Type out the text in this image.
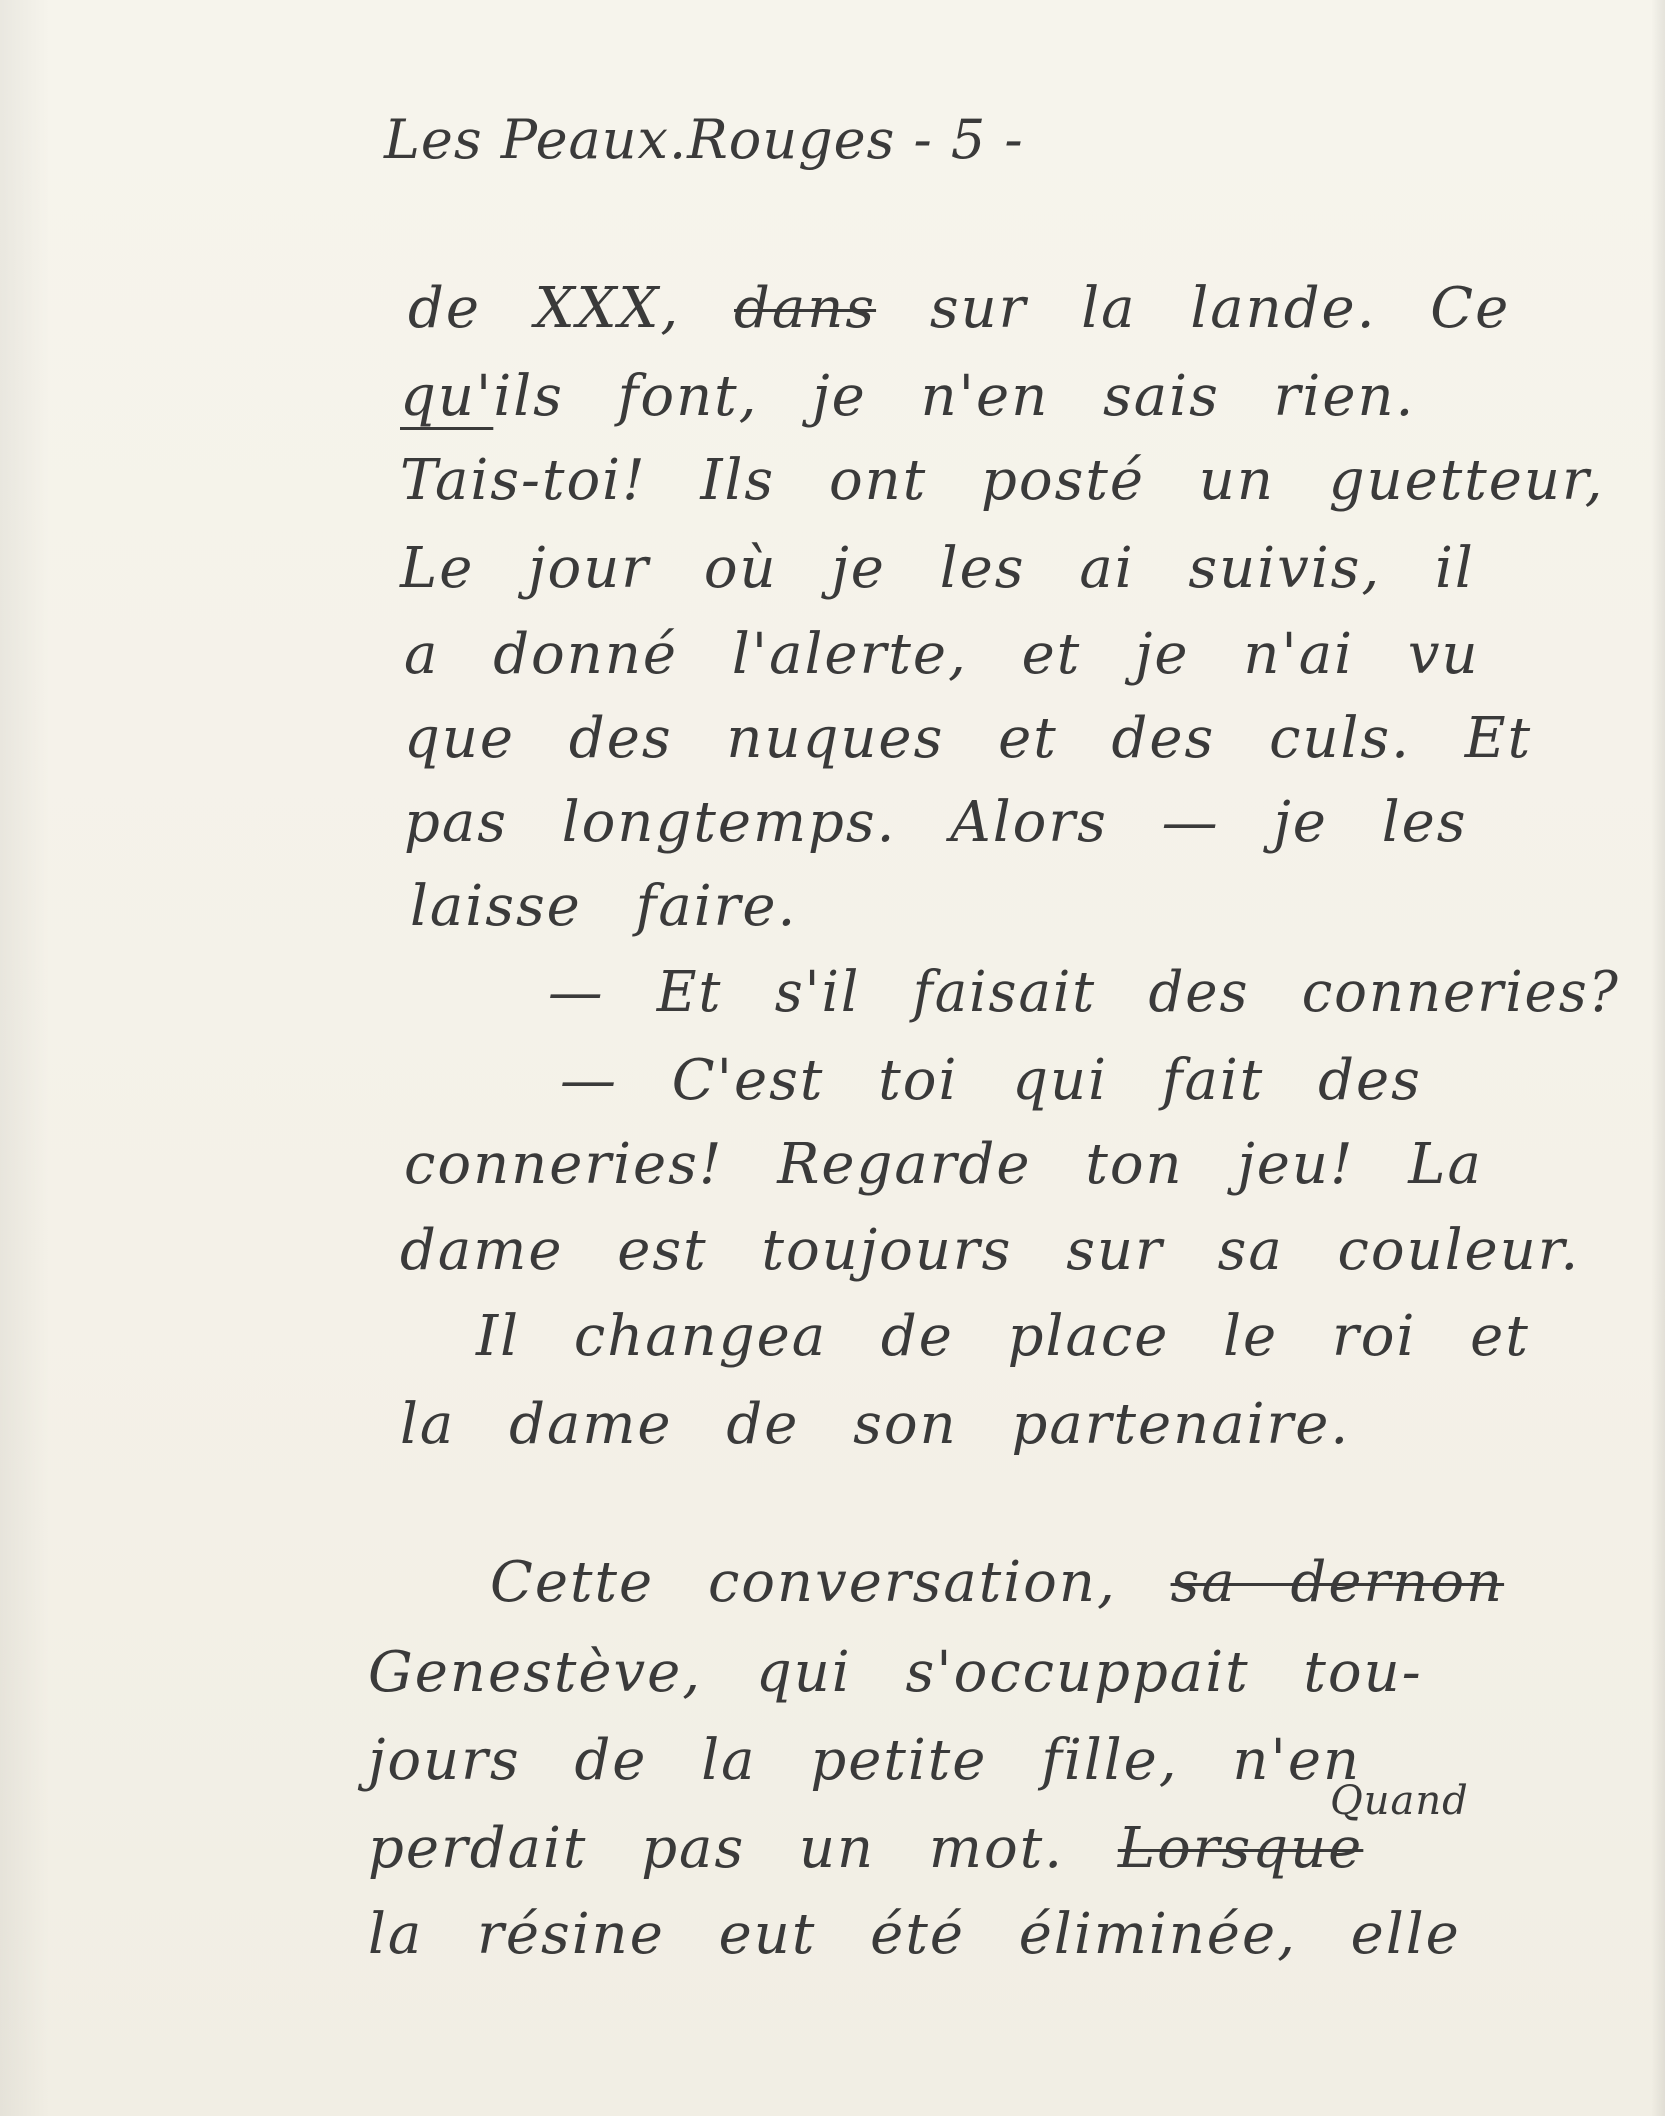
Les Peaux.Rouges - 5 -
de XXX, dans sur la lande. Ce
qu'ils font, je n'en sais rien.
Tais-toi! Ils ont posté un guetteur,
Le jour où je les ai suivis, il
a donné l'alerte, et je n'ai vu
que des nuques et des culs. Et
pas longtemps. Alors — je les
laisse faire.
— Et s'il faisait des conneries?
— C'est toi qui fait des
conneries! Regarde ton jeu! La
dame est toujours sur sa couleur.
Il changea de place le roi et
la dame de son partenaire.
Cette conversation, sa dernon
Genestève, qui s'occuppait tou-
jours de la petite fille, n'en
Quand
perdait pas un mot. Lorsque
la résine eut été éliminée, elle
